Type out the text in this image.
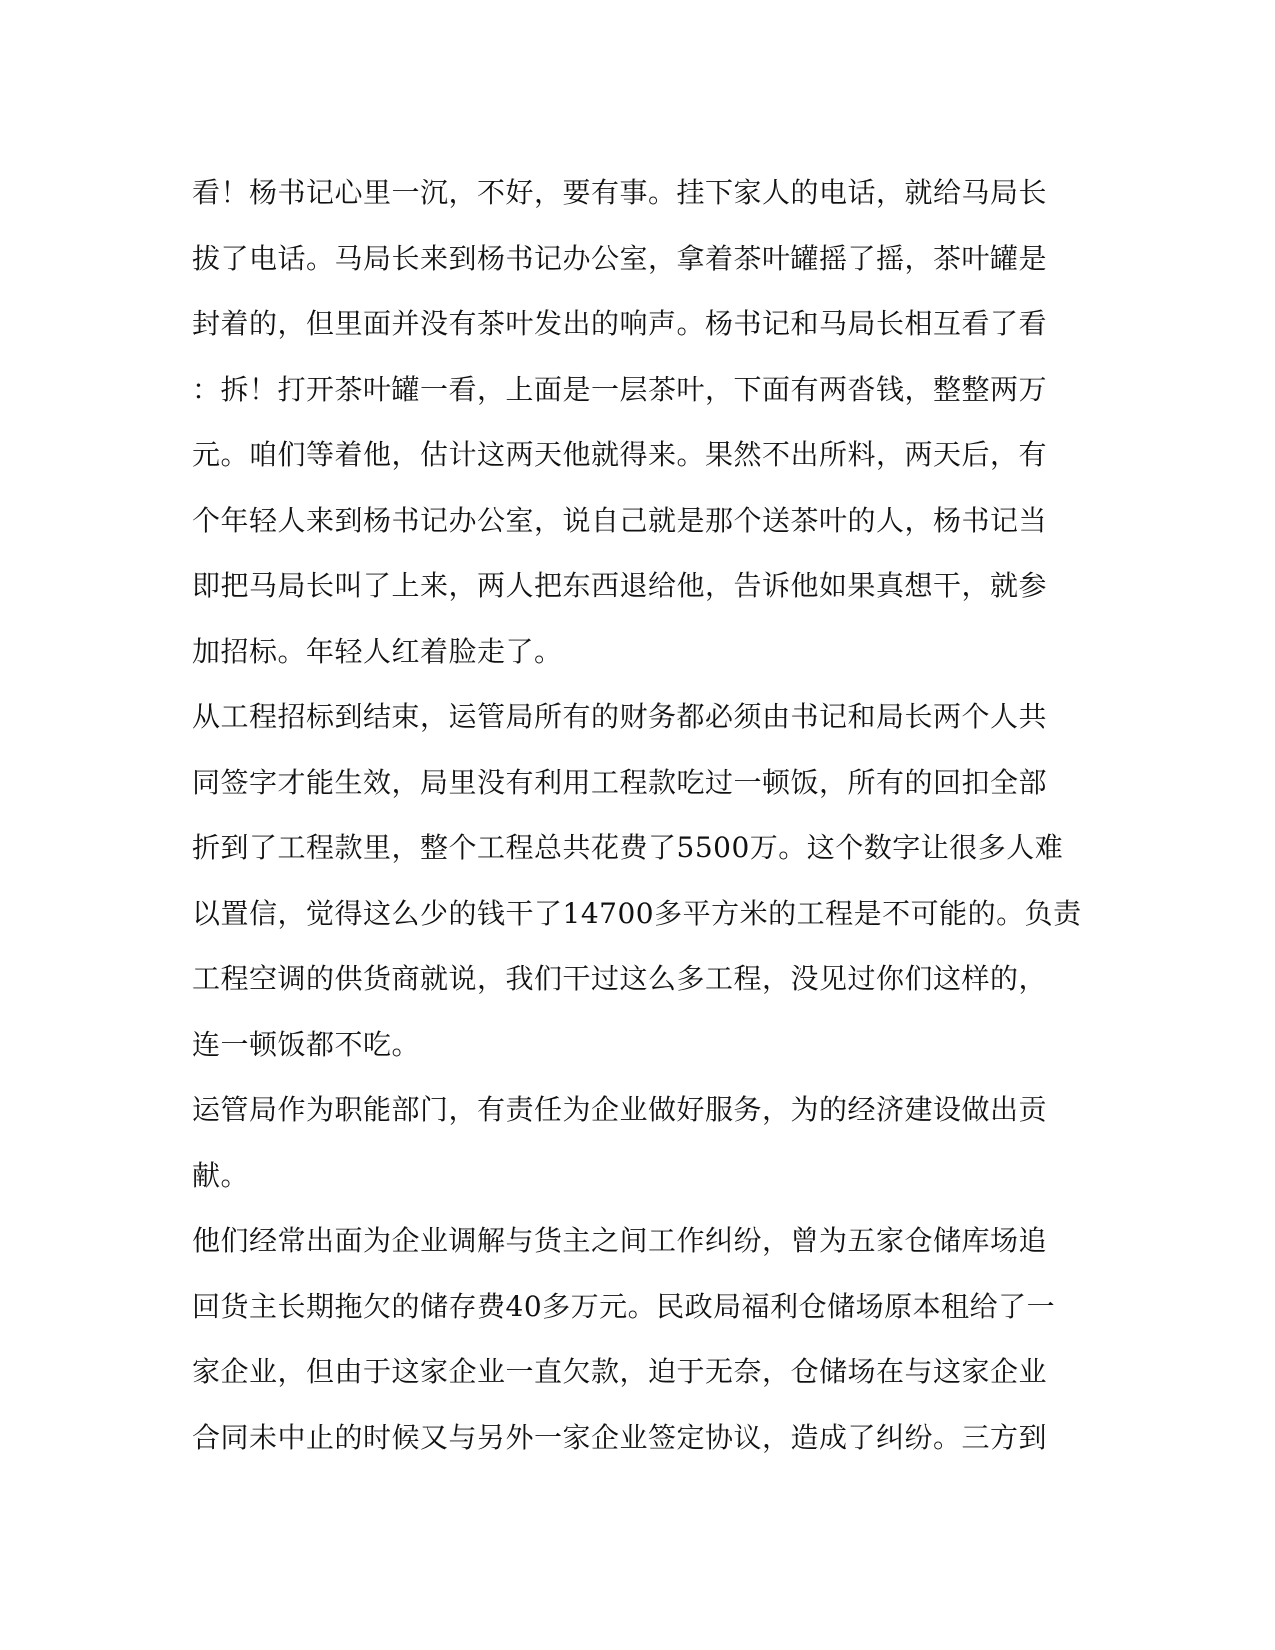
看！杨书记心里一沉，不好，要有事。挂下家人的电话，就给马局长
拔了电话。马局长来到杨书记办公室，拿着茶叶罐摇了摇，茶叶罐是
封着的，但里面并没有茶叶发出的响声。杨书记和马局长相互看了看
：拆！打开茶叶罐一看，上面是一层茶叶，下面有两沓钱，整整两万
元。咱们等着他，估计这两天他就得来。果然不出所料，两天后，有
个年轻人来到杨书记办公室，说自己就是那个送茶叶的人，杨书记当
即把马局长叫了上来，两人把东西退给他，告诉他如果真想干，就参
加招标。年轻人红着脸走了。
从工程招标到结束，运管局所有的财务都必须由书记和局长两个人共
同签字才能生效，局里没有利用工程款吃过一顿饭，所有的回扣全部
折到了工程款里，整个工程总共花费了5500万。这个数字让很多人难
以置信，觉得这么少的钱干了14700多平方米的工程是不可能的。负责
工程空调的供货商就说，我们干过这么多工程，没见过你们这样的，
连一顿饭都不吃。
运管局作为职能部门，有责任为企业做好服务，为的经济建设做出贡
献。
他们经常出面为企业调解与货主之间工作纠纷，曾为五家仓储库场追
回货主长期拖欠的储存费40多万元。民政局福利仓储场原本租给了一
家企业，但由于这家企业一直欠款，迫于无奈，仓储场在与这家企业
合同未中止的时候又与另外一家企业签定协议，造成了纠纷。三方到
